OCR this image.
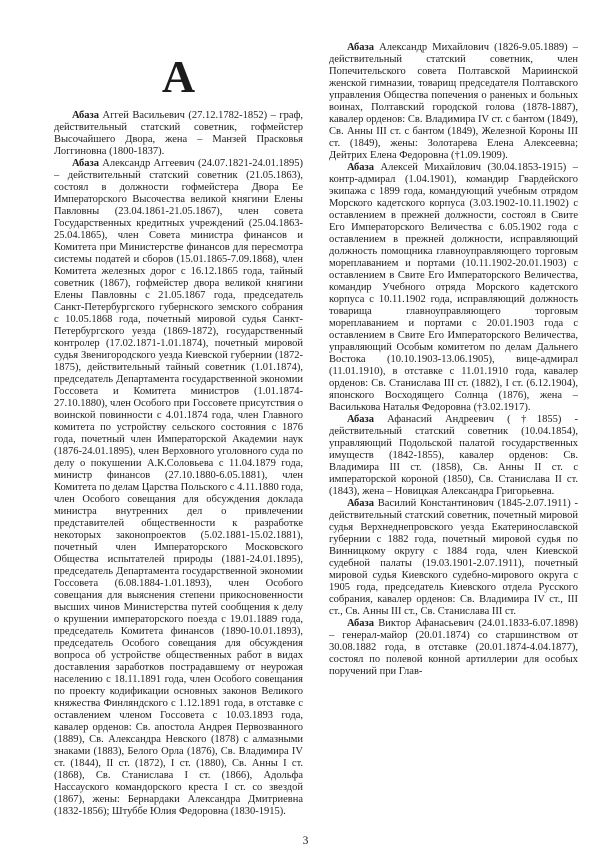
А

Абаза Аггей Васильевич (27.12.1782-1852) – граф, действительный статский советник, гофмейстер Высочайшего Двора, жена – Манзей Прасковья Логгиновна (1800-1837).

Абаза Александр Аггеевич (24.07.1821-24.01.1895) – действительный статский советник (21.05.1863), состоял в должности гофмейстера Двора Ее Императорского Высочества великой княгини Елены Павловны (23.04.1861-21.05.1867), член совета Государственных кредитных учреждений (25.04.1863-25.04.1865), член Совета министра финансов и Комитета при Министерстве финансов для пересмотра системы податей и сборов (15.01.1865-7.09.1868), член Комитета железных дорог с 16.12.1865 года, тайный советник (1867), гофмейстер двора великой княгини Елены Павловны с 21.05.1867 года, председатель Санкт-Петербургского губернского земского собрания с 10.05.1868 года, почетный мировой судья Санкт-Петербургского уезда (1869-1872), государственный контролер (17.02.1871-1.01.1874), почетный мировой судья Звенигородского уезда Киевской губернии (1872-1875), действительный тайный советник (1.01.1874), председатель Департамента государственной экономии Госсовета и Комитета министров (1.01.1874-27.10.1880), член Особого при Госсовете присутствия о воинской повинности с 4.01.1874 года, член Главного комитета по устройству сельского состояния с 1876 года, почетный член Императорской Академии наук (1876-24.01.1895), член Верховного уголовного суда по делу о покушении А.К.Соловьева с 11.04.1879 года, министр финансов (27.10.1880-6.05.1881), член Комитета по делам Царства Польского с 4.11.1880 года, член Особого совещания для обсуждения доклада министра внутренних дел о привлечении представителей общественности к разработке некоторых законопроектов (5.02.1881-15.02.1881), почетный член Императорского Московского Общества испытателей природы (1881-24.01.1895), председатель Департамента государственной экономии Госсовета (6.08.1884-1.01.1893), член Особого совещания для выяснения степени прикосновенности высших чинов Министерства путей сообщения к делу о крушении императорского поезда с 19.01.1889 года, председатель Комитета финансов (1890-10.01.1893), председатель Особого совещания для обсуждения вопроса об устройстве общественных работ в видах доставления заработков пострадавшему от неурожая населению с 18.11.1891 года, член Особого совещания по проекту кодификации основных законов Великого княжества Финляндского с 1.12.1891 года, в отставке с оставлением членом Госсовета с 10.03.1893 года, кавалер орденов: Св. апостола Андрея Первозванного (1889), Св. Александра Невского (1878) с алмазными знаками (1883), Белого Орла (1876), Св. Владимира IV ст. (1844), II ст. (1872), I ст. (1880), Св. Анны I ст. (1868), Св. Станислава I ст. (1866), Адольфа Нассауского командорского креста I ст. со звездой (1867), жены: Бернардаки Александра Дмитриевна (1832-1856); Штуббе Юлия Федоровна (1830-1915).

Абаза Александр Михайлович (1826-9.05.1889) – действительный статский советник, член Попечительского совета Полтавской Мариинской женской гимназии, товарищ председателя Полтавского управления Общества попечения о раненых и больных воинах, Полтавский городской голова (1878-1887), кавалер орденов: Св. Владимира IV ст. с бантом (1849), Св. Анны III ст. с бантом (1849), Железной Короны III ст. (1849), жены: Золотарева Елена Алексеевна; Дейтрих Елена Федоровна (†1.09.1909).

Абаза Алексей Михайлович (30.04.1853-1915) – контр-адмирал (1.04.1901), командир Гвардейского экипажа с 1899 года, командующий учебным отрядом Морского кадетского корпуса (3.03.1902-10.11.1902) с оставлением в прежней должности, состоял в Свите Его Императорского Величества с 6.05.1902 года с оставлением в прежней должности, исправляющий должность помощника главноуправляющего торговым мореплаванием и портами (10.11.1902-20.01.1903) с оставлением в Свите Его Императорского Величества, командир Учебного отряда Морского кадетского корпуса с 10.11.1902 года, исправляющий должность товарища главноуправляющего торговым мореплаванием и портами с 20.01.1903 года с оставлением в Свите Его Императорского Величества, управляющий Особым комитетом по делам Дальнего Востока (10.10.1903-13.06.1905), вице-адмирал (11.01.1910), в отставке с 11.01.1910 года, кавалер орденов: Св. Станислава III ст. (1882), I ст. (6.12.1904), японского Восходящего Солнца (1876), жена – Василькова Наталья Федоровна (†3.02.1917).

Абаза Афанасий Андреевич (†1855) - действительный статский советник (10.04.1854), управляющий Подольской палатой государственных имуществ (1842-1855), кавалер орденов: Св. Владимира III ст. (1858), Св. Анны II ст. с императорской короной (1850), Св. Станислава II ст. (1843), жена – Новицкая Александра Григорьевна.

Абаза Василий Константинович (1845-2.07.1911) - действительный статский советник, почетный мировой судья Верхнеднепровского уезда Екатеринославской губернии с 1882 года, почетный мировой судья по Винницкому округу с 1884 года, член Киевской судебной палаты (19.03.1901-2.07.1911), почетный мировой судья Киевского судебно-мирового округа с 1905 года, председатель Киевского отдела Русского собрания, кавалер орденов: Св. Владимира IV ст., III ст., Св. Анны III ст., Св. Станислава III ст.

Абаза Виктор Афанасьевич (24.01.1833-6.07.1898) – генерал-майор (20.01.1874) со старшинством от 30.08.1882 года, в отставке (20.01.1874-4.04.1877), состоял по полевой конной артиллерии для особых поручений при Глав-

3
